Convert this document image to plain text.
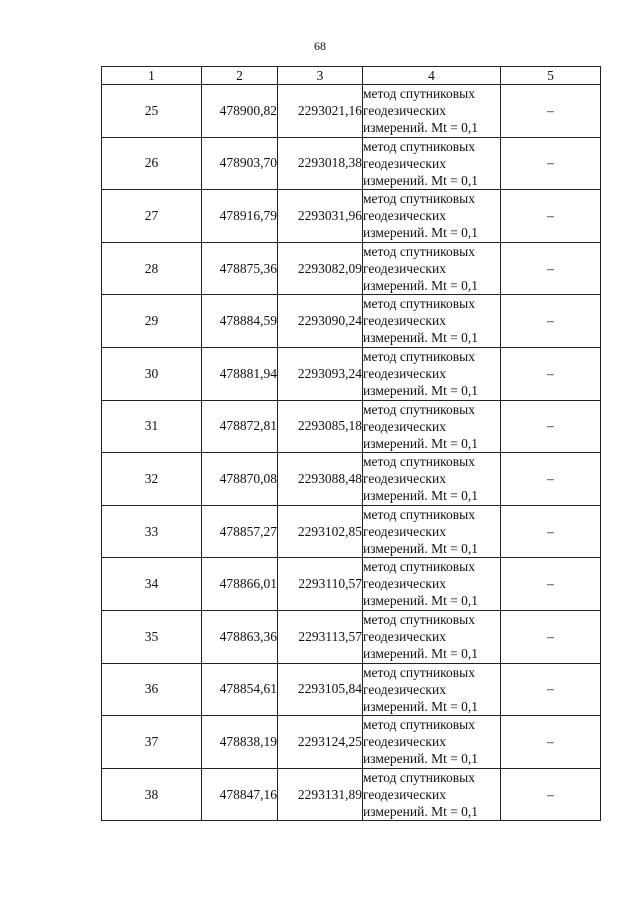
68
1	2	3	4	5
25	478900,82	2293021,16	метод спутниковых
геодезических
измерений. Mt = 0,1	–
26	478903,70	2293018,38	метод спутниковых
геодезических
измерений. Mt = 0,1	–
27	478916,79	2293031,96	метод спутниковых
геодезических
измерений. Mt = 0,1	–
28	478875,36	2293082,09	метод спутниковых
геодезических
измерений. Mt = 0,1	–
29	478884,59	2293090,24	метод спутниковых
геодезических
измерений. Mt = 0,1	–
30	478881,94	2293093,24	метод спутниковых
геодезических
измерений. Mt = 0,1	–
31	478872,81	2293085,18	метод спутниковых
геодезических
измерений. Mt = 0,1	–
32	478870,08	2293088,48	метод спутниковых
геодезических
измерений. Mt = 0,1	–
33	478857,27	2293102,85	метод спутниковых
геодезических
измерений. Mt = 0,1	–
34	478866,01	2293110,57	метод спутниковых
геодезических
измерений. Mt = 0,1	–
35	478863,36	2293113,57	метод спутниковых
геодезических
измерений. Mt = 0,1	–
36	478854,61	2293105,84	метод спутниковых
геодезических
измерений. Mt = 0,1	–
37	478838,19	2293124,25	метод спутниковых
геодезических
измерений. Mt = 0,1	–
38	478847,16	2293131,89	метод спутниковых
геодезических
измерений. Mt = 0,1	–
